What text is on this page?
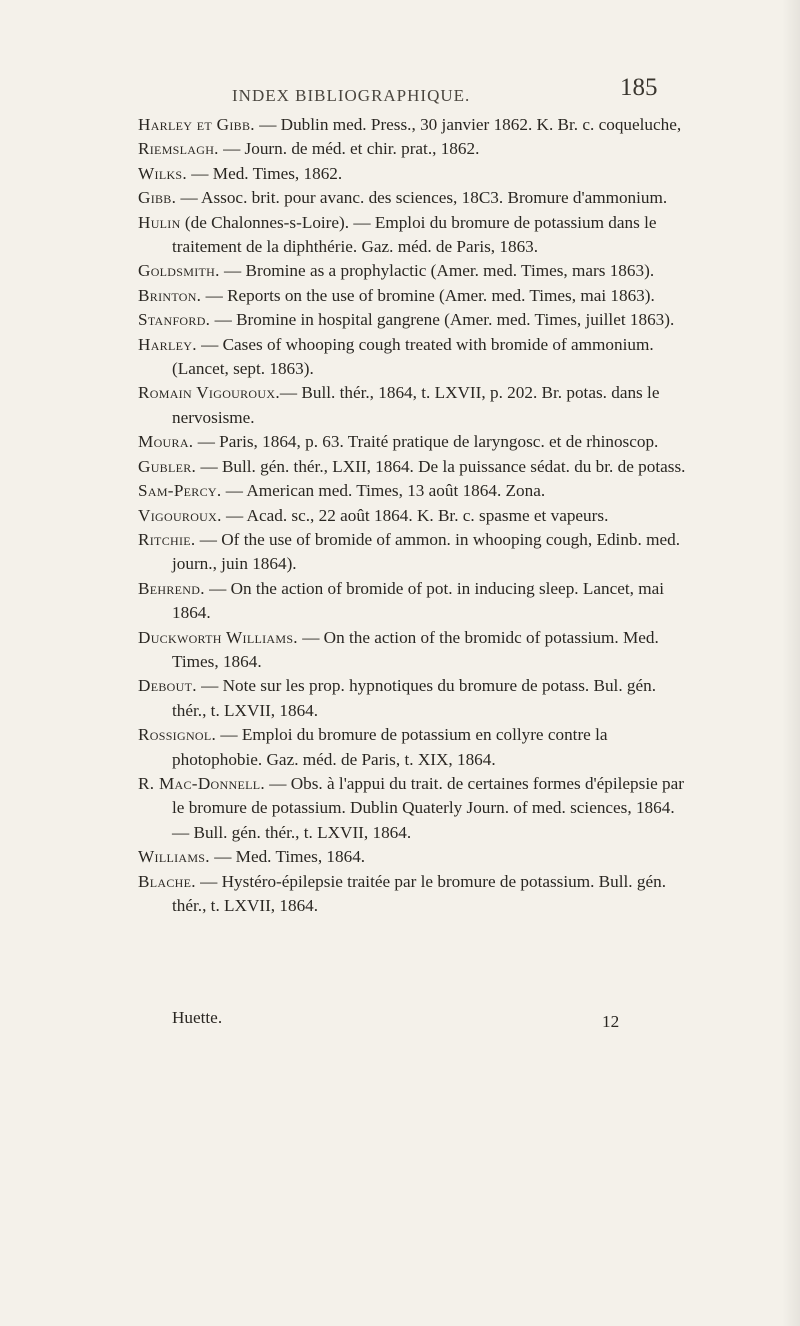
INDEX BIBLIOGRAPHIQUE.	185

Harley et Gibb. — Dublin med. Press., 30 janvier 1862. K. Br. c. coqueluche,

Riemslagh. — Journ. de méd. et chir. prat., 1862.

Wilks. — Med. Times, 1862.

Gibb. — Assoc. brit. pour avanc. des sciences, 18C3. Bromure d'ammonium.

Hulin (de Chalonnes-s-Loire). — Emploi du bromure de potassium dans le traitement de la diphthérie. Gaz. méd. de Paris, 1863.

Goldsmith. — Bromine as a prophylactic (Amer. med. Times, mars 1863).

Brinton. — Reports on the use of bromine (Amer. med. Times, mai 1863).

Stanford. — Bromine in hospital gangrene (Amer. med. Times, juillet 1863).

Harley. — Cases of whooping cough treated with bromide of ammonium. (Lancet, sept. 1863).

Romain Vigouroux.— Bull. thér., 1864, t. LXVII, p. 202. Br. potas. dans le nervosisme.

Moura. — Paris, 1864, p. 63. Traité pratique de laryngosc. et de rhinoscop.

Gubler. — Bull. gén. thér., LXII, 1864. De la puissance sédat. du br. de potass.

Sam-Percy. — American med. Times, 13 août 1864. Zona.

Vigouroux. — Acad. sc., 22 août 1864. K. Br. c. spasme et vapeurs.

Ritchie. — Of the use of bromide of ammon. in whooping cough, Edinb. med. journ., juin 1864).

Behrend. — On the action of bromide of pot. in inducing sleep. Lancet, mai 1864.

Duckworth Williams. — On the action of the bromidc of potassium. Med. Times, 1864.

Debout. — Note sur les prop. hypnotiques du bromure de potass. Bul. gén. thér., t. LXVII, 1864.

Rossignol. — Emploi du bromure de potassium en collyre contre la photophobie. Gaz. méd. de Paris, t. XIX, 1864.

R. Mac-Donnell. — Obs. à l'appui du trait. de certaines formes d'épilepsie par le bromure de potassium. Dublin Quaterly Journ. of med. sciences, 1864.

— Bull. gén. thér., t. LXVII, 1864.

Williams. — Med. Times, 1864.

Blache. — Hystéro-épilepsie traitée par le bromure de potassium. Bull. gén. thér., t. LXVII, 1864.

Huette.	12
